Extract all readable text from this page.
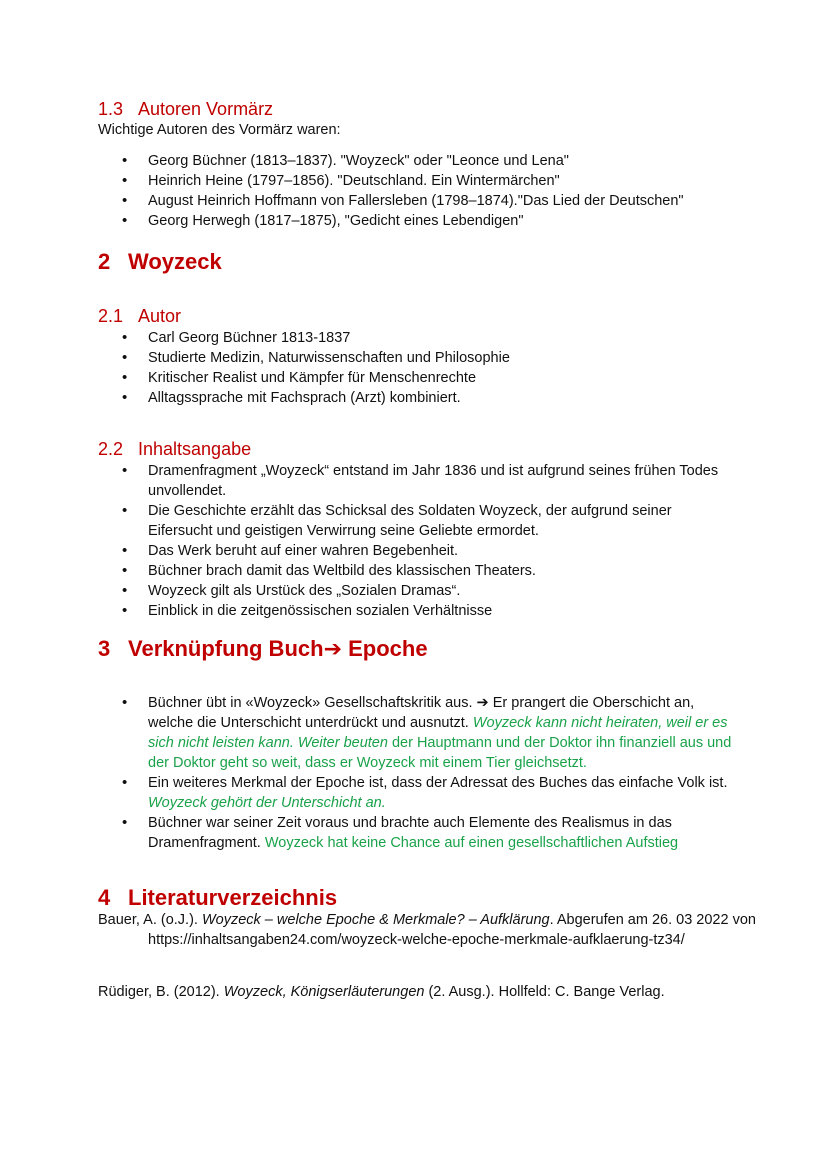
1.3 Autoren Vormärz

Wichtige Autoren des Vormärz waren:

• Georg Büchner (1813–1837). "Woyzeck" oder "Leonce und Lena"
• Heinrich Heine (1797–1856). "Deutschland. Ein Wintermärchen"
• August Heinrich Hoffmann von Fallersleben (1798–1874)."Das Lied der Deutschen"
• Georg Herwegh (1817–1875), "Gedicht eines Lebendigen"
2 Woyzeck
2.1 Autor
• Carl Georg Büchner 1813-1837
• Studierte Medizin, Naturwissenschaften und Philosophie
• Kritischer Realist und Kämpfer für Menschenrechte
• Alltagssprache mit Fachsprach (Arzt) kombiniert.
2.2 Inhaltsangabe
• Dramenfragment „Woyzeck“ entstand im Jahr 1836 und ist aufgrund seines frühen Todes unvollendet.
• Die Geschichte erzählt das Schicksal des Soldaten Woyzeck, der aufgrund seiner Eifersucht und geistigen Verwirrung seine Geliebte ermordet.
• Das Werk beruht auf einer wahren Begebenheit.
• Büchner brach damit das Weltbild des klassischen Theaters.
• Woyzeck gilt als Urstück des „Sozialen Dramas“.
• Einblick in die zeitgenössischen sozialen Verhältnisse
3 Verknüpfung Buch➔ Epoche
• Büchner übt in «Woyzeck» Gesellschaftskritik aus. ➔ Er prangert die Oberschicht an, welche die Unterschicht unterdrückt und ausnutzt. Woyzeck kann nicht heiraten, weil er es sich nicht leisten kann. Weiter beuten der Hauptmann und der Doktor ihn finanziell aus und der Doktor geht so weit, dass er Woyzeck mit einem Tier gleichsetzt.
• Ein weiteres Merkmal der Epoche ist, dass der Adressat des Buches das einfache Volk ist. Woyzeck gehört der Unterschicht an.
• Büchner war seiner Zeit voraus und brachte auch Elemente des Realismus in das Dramenfragment. Woyzeck hat keine Chance auf einen gesellschaftlichen Aufstieg
4 Literaturverzeichnis

Bauer, A. (o.J.). Woyzeck – welche Epoche & Merkmale? – Aufklärung. Abgerufen am 26. 03 2022 von https://inhaltsangaben24.com/woyzeck-welche-epoche-merkmale-aufklaerung-tz34/

Rüdiger, B. (2012). Woyzeck, Königserläuterungen (2. Ausg.). Hollfeld: C. Bange Verlag.
